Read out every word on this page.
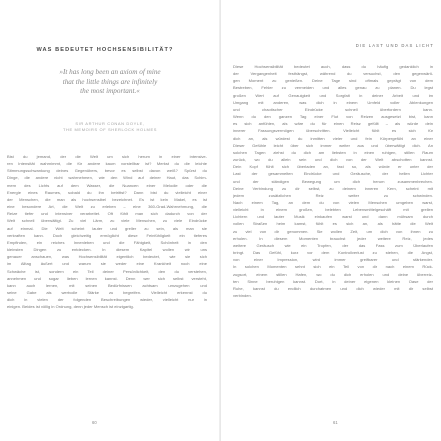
WAS BEDEUTET HOCHSENSIBILITÄT?
»It has long been an axiom of mine
that the little things are infinitely
the most important.«
SIR ARTHUR CONAN DOYLE,
THE MEMOIRS OF SHERLOCK HOLMES
Bist du jemand, der die Welt um sich herum in einer intensive-
ren Intensität wahrnimmt, die für andere kaum vorstellbar ist? Merkst du die leichte
Stimmungsschwankung deines Gegenübers, bevor es selbst davon weiß? Spürst du
Dinge, die andere nicht wahrnehmen, wie den Wind auf deiner Haut, das Schim-
mern des Lichts auf dem Wasser, die Nuancen einer Melodie oder die
Energie eines Raumes, sobald du ihn betrittst? Dann bist du vielleicht einer
der Menschen, die man als hochsensibel bezeichnet. Es ist kein Makel, es ist
eine besondere Art, die Welt zu erleben – eine 360-Grad-Wahrnehmung, die
Reize tiefer und intensiver verarbeitet. Oft fühlt man sich dadurch von der
Welt schnell überwältigt. Zu viel Lärm, zu viele Menschen, zu viele Eindrücke
auf einmal. Die Welt scheint lauter und greller zu sein, als man sie
verkraften kann. Doch gleichzeitig ermöglicht diese Feinfühligkeit ein tieferes
Empfinden, ein reiches Innenleben und die Fähigkeit, Schönheit in den
kleinsten Dingen zu entdecken. In diesem Kapitel wollen wir uns
genauer anschauen, was Hochsensibilität eigentlich bedeutet, wie sie sich
im Alltag äußert und warum sie weder eine Krankheit noch eine
Schwäche ist, sondern ein Teil deiner Persönlichkeit, den du verstehen,
annehmen und sogar lieben lernen kannst. Denn wer sich selbst versteht,
kann auch lernen, mit seinen Bedürfnissen achtsam umzugehen und
seine Gabe als wertvolle Stärke zu begreifen. Vielleicht erkennst du
dich in vielen der folgenden Beschreibungen wieder, vielleicht nur in
einigen. Beides ist völlig in Ordnung, denn jeder Mensch ist einzigartig.
60
DIE LAST UND DAS LICHT
Diese Hochsensibilität bedeutet auch, dass du häufig gedanklich in
der Vergangenheit festhängst, während du versuchst, den gegenwärti-
gen Moment zu genießen. Deine Tage sind oftmals geprägt von dem
Bestreben, Fehler zu vermeiden und alles genau zu planen. Du legst
großen Wert auf Genauigkeit und Sorgfalt in deiner Arbeit und im
Umgang mit anderen, was dich in einem Umfeld voller Ablenkungen
und chaotischer Eindrücke schnell überfordern kann.
Wenn du den ganzen Tag einer Flut von Reizen ausgesetzt bist, kann
es sich anfühlen, als wäre du für einen Reisz gefüllt – als würde dein
innerer Fassungsvermögen überschritten. Vielleicht fühlt es sich für
dich an, als würdest du inmitten vieler und fein Körpergefühl an einer
Dieser Gefühle leicht über sich immer weiter aus und überwältigt dich. An
solchen Tagen ziehst du dich am liebsten in einen ruhigen, stillen Raum
zurück, wo du allein sein und dich von der Welt abschotten kannst.
Dein Kopf fühlt sich überladen an, fast so, als würde er unter der
Last der gesammelten Eindrücke und Geräusche, der hellen Lichter
und der ständigen Bewegung um dich herum zusammenbrechen.
Deine Verbindung zu dir selbst, zu deinem inneren Kern, scheint mit
jedem zusätzlichen Reiz weiter zu schwinden.
Nach einem Tag, an dem du von vielen Menschen umgeben warst,
vielleicht in einem großen, belebten Lebensmittelgeschäft mit grellen
Lichtern und lauter Musik einkaufen warst und dann mühsam durch
vollen Straßen heim kamst, fühlt es sich an, als hätte die Welt
zu viel von dir genommen. Sie wollen Zeit, um dich von ihnen zu
erholen. In diesem Momenten brauchst jeder weitere Reiz, jedes
weitere Geräusch wie ein Tropfen, der das Fass zum Überlaufen
bringt. Das Gefühl, kurz vor dem Kontrollverlust zu stehen, die Angst,
von einer Impression, wird immer greifbarer und stärkender.
In solchen Momenten sehnt sich ein Teil von dir nach einem Rück-
zugsort, einem stillen Hafen, wo du dich erholen und deine überreiz-
ten Sinne beruhigen kannst. Dort, in deiner eigenen kleinen Oase der
Ruhe, kannst du endlich durchatmen und dich wieder mit dir selbst
verbinden.
61
